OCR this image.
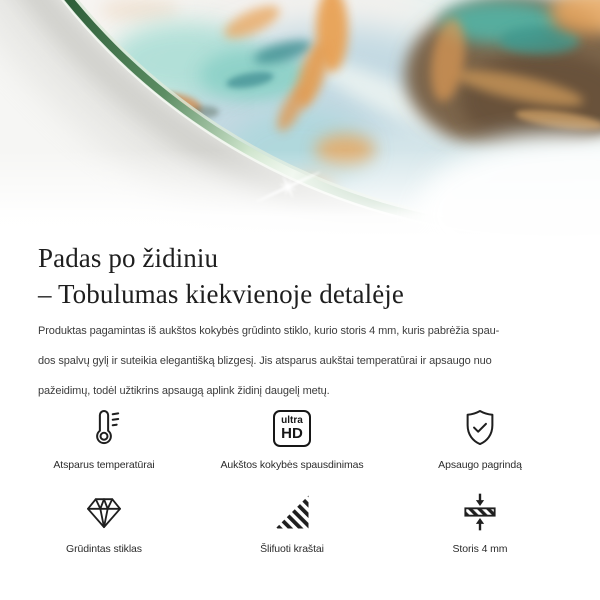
Padas po židiniu
– Tobulumas kiekvienoje detalėje
Produktas pagamintas iš aukštos kokybės grūdinto stiklo, kurio storis 4 mm, kuris pabrėžia spau-
dos spalvų gylį ir suteikia elegantišką blizgesį. Jis atsparus aukštai temperatūrai ir apsaugo nuo
pažeidimų, todėl užtikrins apsaugą aplink židinį daugelį metų.
Atsparus temperatūrai
ultra
HD
Aukštos kokybės spausdinimas	Apsaugo pagrindą
Grūdintas stiklas	Šlifuoti kraštai	Storis 4 mm
